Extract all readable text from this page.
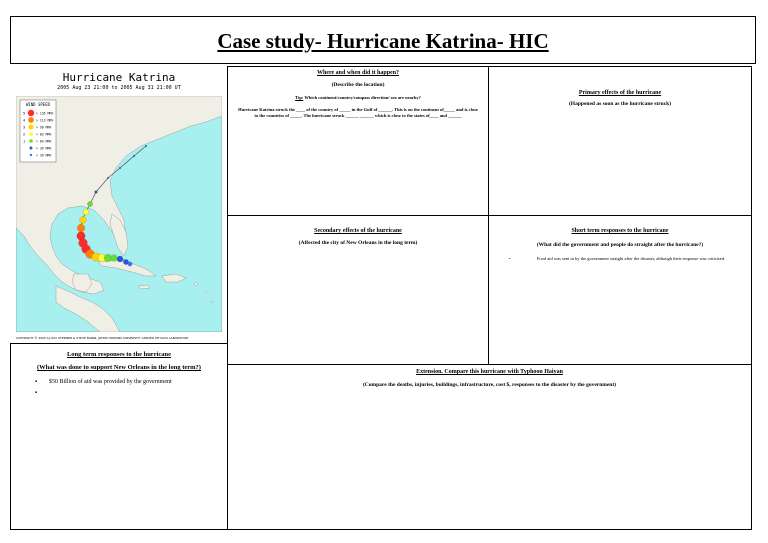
Case study- Hurricane Katrina- HIC
Hurricane Katrina
2005 Aug 23 21:00 to 2005 Aug 31 21:00 UT
WIND SPEED
5	> 135 MPH
4	> 113 MPH
3	> 96 MPH
2	> 83 MPH
1	> 64 MPH
> 39 MPH
< 39 MPH
COPYRIGHT © 2005 by RAY STERNER & STEVE BABIN, JOHNS HOPKINS UNIVERSITY APPLIED PHYSICS LABORATORY
Where and when did it happen?
(Describe the location)
Tip: Which continent/country/compass direction/ sea are nearby?
Hurricane Katrina struck the ____ of the country of _____ in the Gulf of ______. This is on the continent of_____ and is close to the countries of _____. The hurricane struck ______ ______ which is close to the states of____ and ______
Primary effects of the hurricane
(Happened as soon as the hurricane struck)
Secondary effects of the hurricane
(Affected the city of New Orleans in the long term)
Short term responses to the hurricane
(What did the government and people do straight after the hurricane?)
•	Food aid was sent in by the government straight after the disaster, although their response was criticised.
Long term responses to the hurricane
(What was done to support New Orleans in the long term?)
▪ $50 Billion of aid was provided by the government
▪
Extension. Compare this hurricane with Typhoon Haiyan
(Compare the deaths, injuries, buildings, infrastructure, cost $, responses to the disaster by the government)
